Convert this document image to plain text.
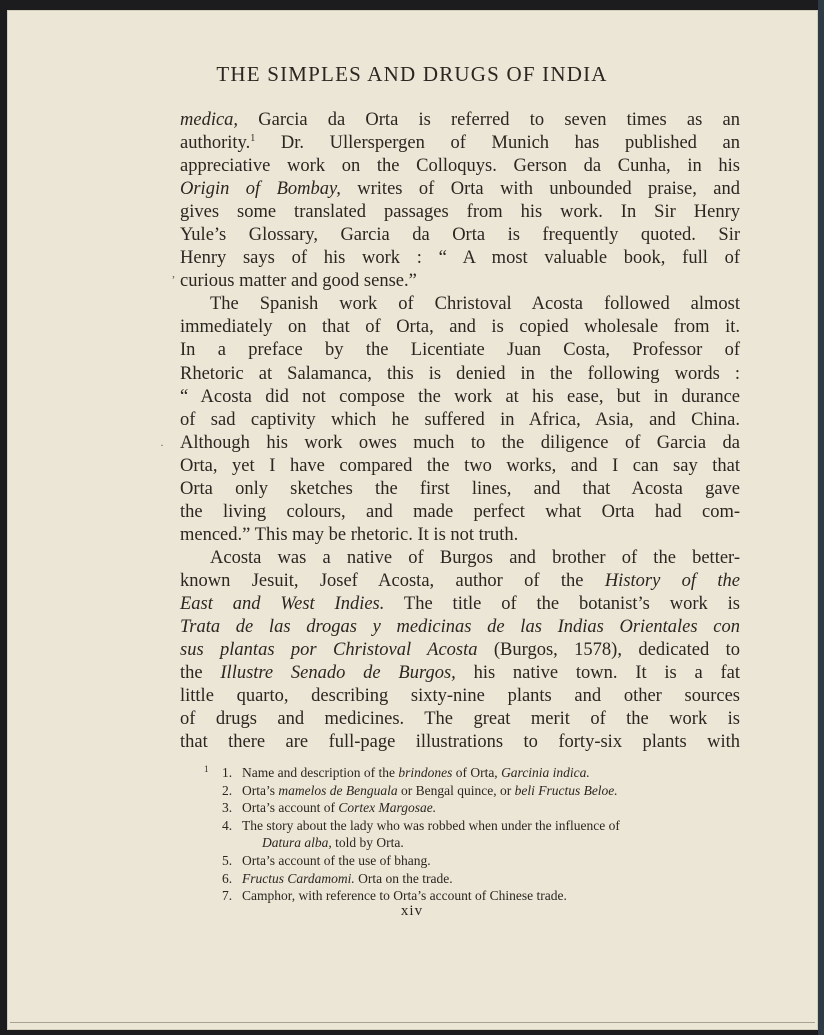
THE SIMPLES AND DRUGS OF INDIA
medica, Garcia da Orta is referred to seven times as an
authority.$^1$ Dr. Ullerspergen of Munich has published an
appreciative work on the Colloquys. Gerson da Cunha, in his
Origin of Bombay, writes of Orta with unbounded praise, and
gives some translated passages from his work. In Sir Henry
Yule’s Glossary, Garcia da Orta is frequently quoted. Sir
Henry says of his work : “ A most valuable book, full of
curious matter and good sense.”
The Spanish work of Christoval Acosta followed almost
immediately on that of Orta, and is copied wholesale from it.
In a preface by the Licentiate Juan Costa, Professor of
Rhetoric at Salamanca, this is denied in the following words :
“ Acosta did not compose the work at his ease, but in durance
of sad captivity which he suffered in Africa, Asia, and China.
Although his work owes much to the diligence of Garcia da
Orta, yet I have compared the two works, and I can say that
Orta only sketches the first lines, and that Acosta gave
the living colours, and made perfect what Orta had com-
menced.” This may be rhetoric. It is not truth.
Acosta was a native of Burgos and brother of the better-
known Jesuit, Josef Acosta, author of the History of the
East and West Indies. The title of the botanist’s work is
Trata de las drogas y medicinas de las Indias Orientales con
sus plantas por Christoval Acosta (Burgos, 1578), dedicated to
the Illustre Senado de Burgos, his native town. It is a fat
little quarto, describing sixty-nine plants and other sources
of drugs and medicines. The great merit of the work is
that there are full-page illustrations to forty-six plants with
1 1. Name and description of the brindones of Orta, Garcinia indica.
2. Orta’s mamelos de Benguala or Bengal quince, or beli Fructus Beloe.
3. Orta’s account of Cortex Margosae.
4. The story about the lady who was robbed when under the influence of
Datura alba, told by Orta.
5. Orta’s account of the use of bhang.
6. Fructus Cardamomi. Orta on the trade.
7. Camphor, with reference to Orta’s account of Chinese trade.
xiv
,
·
